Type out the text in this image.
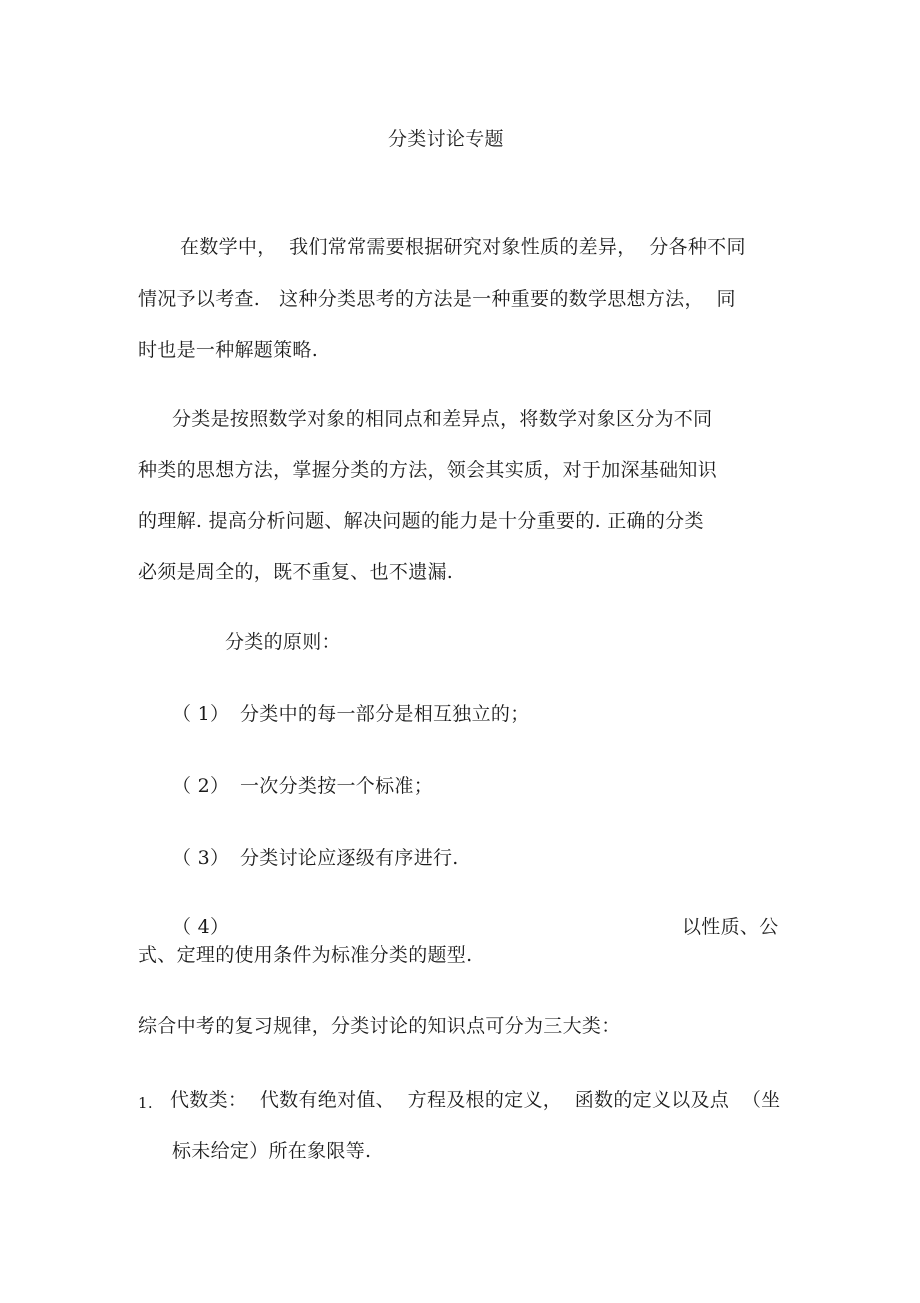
分类讨论专题
在数学中，  我们常常需要根据研究对象性质的差异，  分各种不同
情况予以考查.   这种分类思考的方法是一种重要的数学思想方法，  同
时也是一种解题策略.
分类是按照数学对象的相同点和差异点，将数学对象区分为不同
种类的思想方法，掌握分类的方法，领会其实质，对于加深基础知识
的理解. 提高分析问题、解决问题的能力是十分重要的. 正确的分类
必须是周全的，既不重复、也不遗漏.
分类的原则：
（ 1） 分类中的每一部分是相互独立的；
（ 2） 一次分类按一个标准；
（ 3） 分类讨论应逐级有序进行.
（ 4）	以性质、公
式、定理的使用条件为标准分类的题型.
综合中考的复习规律，分类讨论的知识点可分为三大类：
1. 代数类：  代数有绝对值、  方程及根的定义，  函数的定义以及点  （坐
标未给定）所在象限等.
